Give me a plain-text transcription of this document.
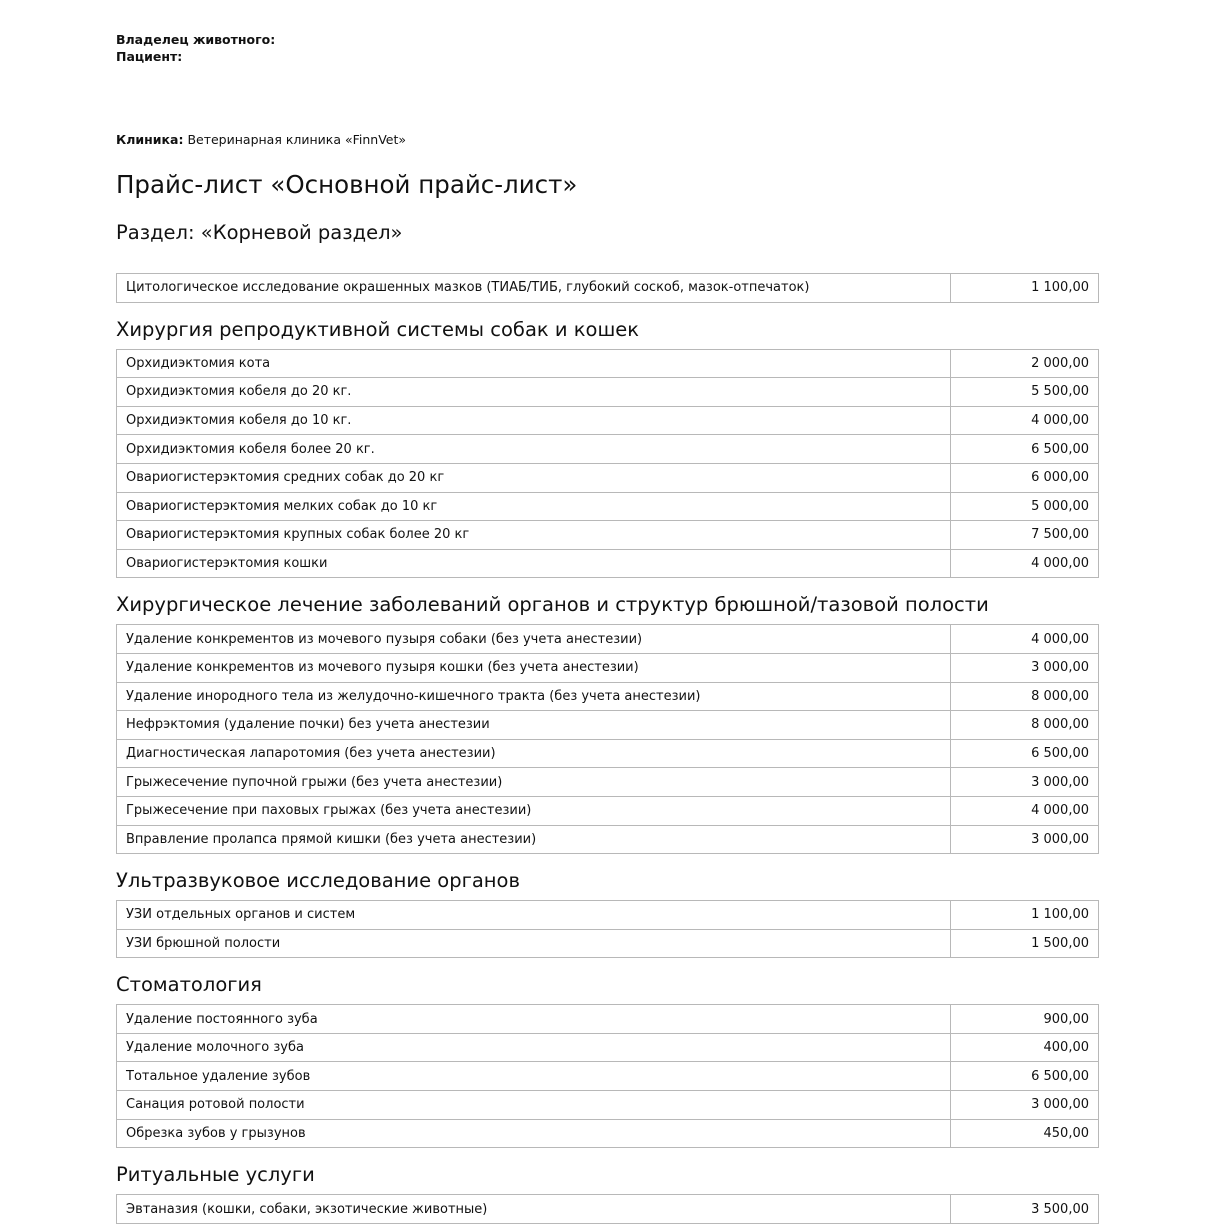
Владелец животного:
Пациент:
Клиника: Ветеринарная клиника «FinnVet»
Прайс-лист «Основной прайс-лист»
Раздел: «Корневой раздел»
Цитологическое исследование окрашенных мазков (ТИАБ/ТИБ, глубокий соскоб, мазок-отпечаток)	1 100,00
Хирургия репродуктивной системы собак и кошек
Орхидиэктомия кота	2 000,00
Орхидиэктомия кобеля до 20 кг.	5 500,00
Орхидиэктомия кобеля до 10 кг.	4 000,00
Орхидиэктомия кобеля более 20 кг.	6 500,00
Овариогистерэктомия средних собак до 20 кг	6 000,00
Овариогистерэктомия мелких собак до 10 кг	5 000,00
Овариогистерэктомия крупных собак более 20 кг	7 500,00
Овариогистерэктомия кошки	4 000,00
Хирургическое лечение заболеваний органов и структур брюшной/тазовой полости
Удаление конкрементов из мочевого пузыря собаки (без учета анестезии)	4 000,00
Удаление конкрементов из мочевого пузыря кошки (без учета анестезии)	3 000,00
Удаление инородного тела из желудочно-кишечного тракта (без учета анестезии)	8 000,00
Нефрэктомия (удаление почки) без учета анестезии	8 000,00
Диагностическая лапаротомия (без учета анестезии)	6 500,00
Грыжесечение пупочной грыжи (без учета анестезии)	3 000,00
Грыжесечение при паховых грыжах (без учета анестезии)	4 000,00
Вправление пролапса прямой кишки (без учета анестезии)	3 000,00
Ультразвуковое исследование органов
УЗИ отдельных органов и систем	1 100,00
УЗИ брюшной полости	1 500,00
Стоматология
Удаление постоянного зуба	900,00
Удаление молочного зуба	400,00
Тотальное удаление зубов	6 500,00
Санация ротовой полости	3 000,00
Обрезка зубов у грызунов	450,00
Ритуальные услуги
Эвтаназия (кошки, собаки, экзотические животные)	3 500,00
